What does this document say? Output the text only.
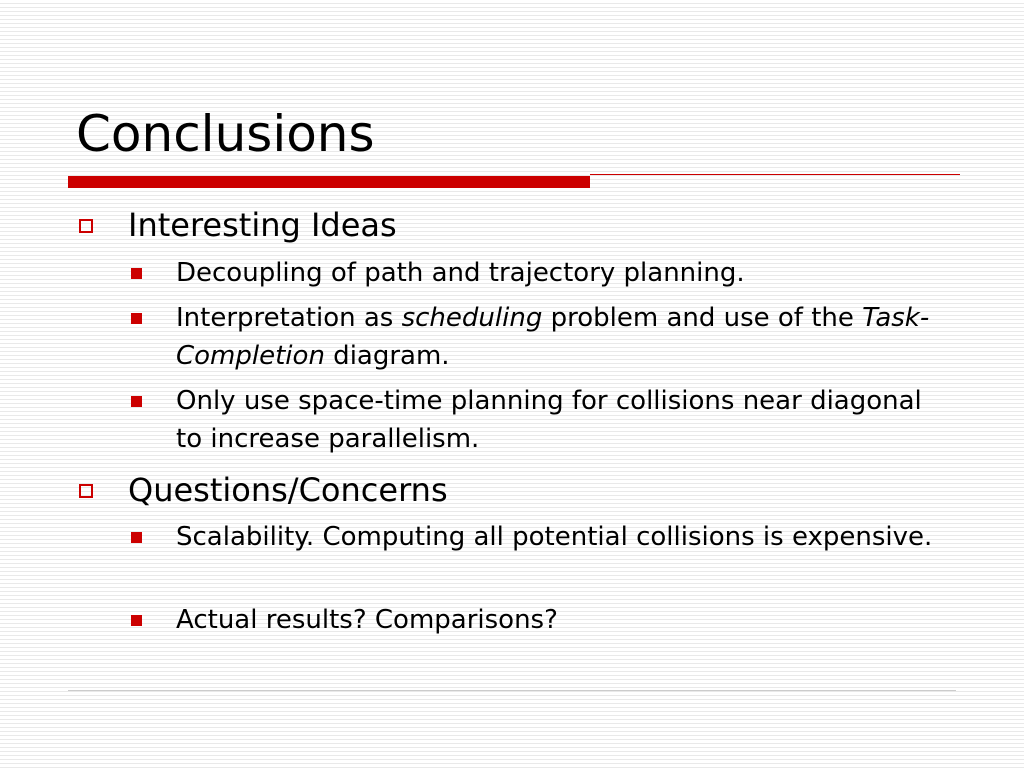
Conclusions
Interesting Ideas
Decoupling of path and trajectory planning.
Interpretation as scheduling problem and use of the Task-Completion diagram.
Only use space-time planning for collisions near diagonal to increase parallelism.
Questions/Concerns
Scalability. Computing all potential collisions is expensive.
Actual results? Comparisons?
